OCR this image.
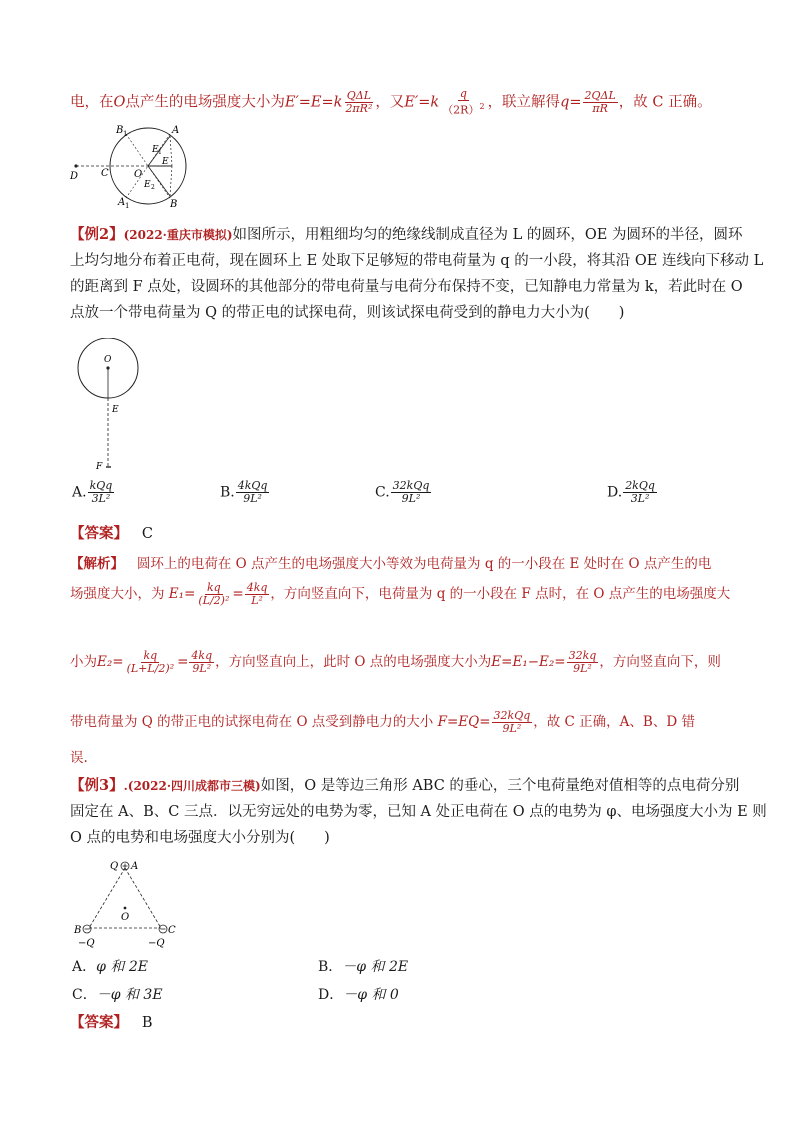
电，在O点产生的电场强度大小为$E'=E=k \frac{\text{QΔL}}{\text{2πR²}}$ ，又$E'=k \frac{q}{(2R)^2}$ ，联立解得$q= \frac{\text{2QΔL}}{\pi R}$ ，故 C 正确。
B 1	A
E 1
E
D C	O
E 2
A 1	B
【例2】(2022·重庆市模拟)如图所示，用粗细均匀的绝缘线制成直径为 L 的圆环，OE 为圆环的半径，圆环
上均匀地分布着正电荷，现在圆环上 E 处取下足够短的带电荷量为 q 的一小段，将其沿 OE 连线向下移动 L
的距离到 F 点处，设圆环的其他部分的带电荷量与电荷分布保持不变，已知静电力常量为 k，若此时在 O
点放一个带电荷量为 Q 的带正电的试探电荷，则该试探电荷受到的静电力大小为(　　)
O
E
F
A. $\frac{\text{kQq}}{\text{3L²}}$	B. $\frac{\text{4kQq}}{\text{9L²}}$	C. $\frac{\text{32kQq}}{\text{9L²}}$	D. $\frac{\text{2kQq}}{\text{3L²}}$
【答案】 C
【解析】 圆环上的电荷在 O 点产生的电场强度大小等效为电荷量为 q 的一小段在 E 处时在 O 点产生的电
场强度大小，为 $E_1= \frac{kq}{\text{(L/2)²}} = \frac{4kq}{\text{L²}}$ ，方向竖直向下，电荷量为 q 的一小段在 F 点时，在 O 点产生的电场强度大
小为$E_2= \frac{kq}{\text{(L+L/2)²}} = \frac{4kq}{\text{9L²}}$ ，方向竖直向上，此时 O 点的电场强度大小为$E=E_1-E_2= \frac{32kq}{\text{9L²}}$ ，方向竖直向下，则
带电荷量为 Q 的带正电的试探电荷在 O 点受到静电力的大小 $F=EQ= \frac{\text{32kQq}}{\text{9L²}}$ ，故 C 正确，A、B、D 错
误.
【例3】.(2022·四川成都市三模)如图，O 是等边三角形 ABC 的垂心，三个电荷量绝对值相等的点电荷分别
固定在 A、B、C 三点．以无穷远处的电势为零，已知 A 处正电荷在 O 点的电势为 φ、电场强度大小为 E 则
O 点的电势和电场强度大小分别为(　　)
Q A
O
B	C
−Q	−Q
A．φ 和 2E	B．－φ 和 2E
C．－φ 和 3E	D．－φ 和 0
【答案】 B
